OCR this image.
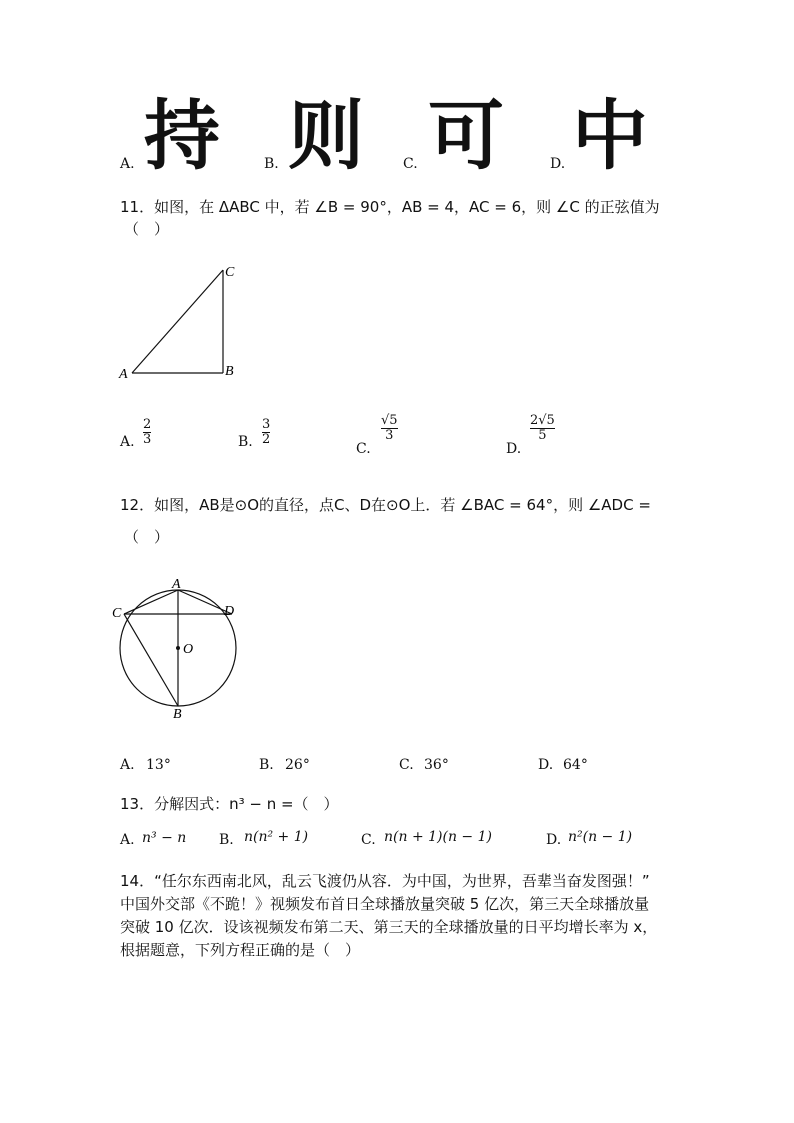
A. 持	B. 则	C. 可	D. 中
11．如图，在 ΔABC 中，若 ∠B = 90°，AB = 4，AC = 6，则 ∠C 的正弦值为
（　）
A	B
C
A.
2
3	B.
3
2
C.
√5
3
D.
2√5
5
12．如图，AB是⊙O的直径，点C、D在⊙O上．若 ∠BAC = 64°，则 ∠ADC =
（　）
A
B
C	D
O
A. 13°	B. 26°	C. 36°	D. 64°
13．分解因式：n³ − n =（　）
A. n³ − n B. n(n² + 1)	C. n(n + 1)(n − 1)	D. n²(n − 1)
14．“任尔东西南北风，乱云飞渡仍从容．为中国，为世界，吾辈当奋发图强！”
中国外交部《不跪！》视频发布首日全球播放量突破 5 亿次，第三天全球播放量
突破 10 亿次．设该视频发布第二天、第三天的全球播放量的日平均增长率为 x，
根据题意，下列方程正确的是（　）
